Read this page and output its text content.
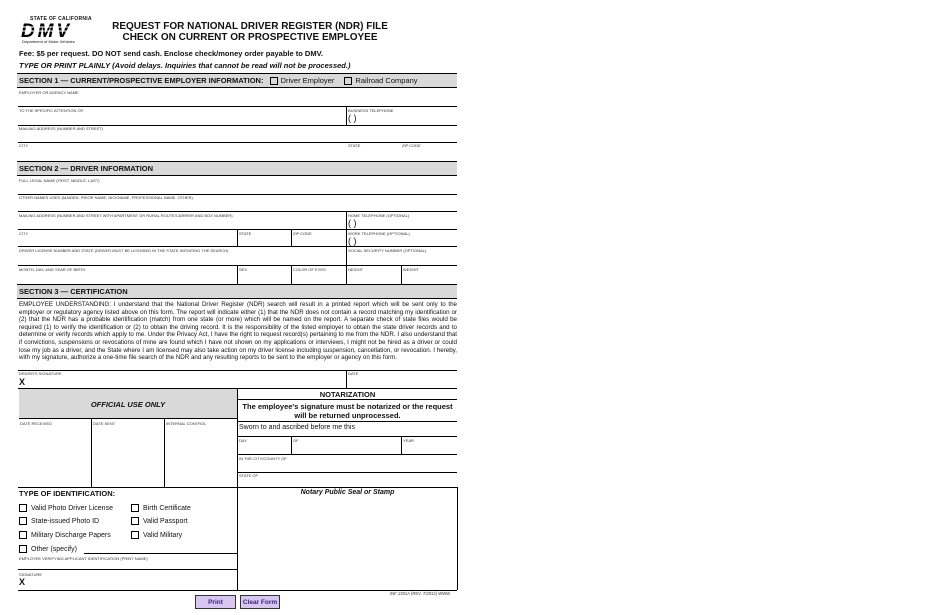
STATE OF CALIFORNIA
DMV
Department of Motor Vehicles
REQUEST FOR NATIONAL DRIVER REGISTER (NDR) FILE
CHECK ON CURRENT OR PROSPECTIVE EMPLOYEE
Fee: $5 per request. DO NOT send cash. Enclose check/money order payable to DMV.
TYPE OR PRINT PLAINLY (Avoid delays. Inquiries that cannot be read will not be processed.)
SECTION 1 — CURRENT/PROSPECTIVE EMPLOYER INFORMATION: Driver Employer	Railroad Company
EMPLOYER OR AGENCY NAME
TO THE SPECIFIC ATTENTION OF:	BUSINESS TELEPHONE
( )
MAILING ADDRESS (NUMBER AND STREET)
CITY	STATE	ZIP CODE
SECTION 2 — DRIVER INFORMATION
FULL LEGAL NAME (FIRST, MIDDLE, LAST)
OTHER NAMES USED (MAIDEN, PRIOR NAME, NICKNAME, PROFESSIONAL NAME, OTHER)
MAILING ADDRESS (NUMBER AND STREET WITH APARTMENT OR RURAL ROUTE/CARRIER AND BOX NUMBER)	HOME TELEPHONE (OPTIONAL)
( )
CITY	STATE	ZIP CODE	WORK TELEPHONE (OPTIONAL)
( )
DRIVER LICENSE NUMBER AND STATE (DRIVER MUST BE LICENSED IN THE STATE INITIATING THE SEARCH)	SOCIAL SECURITY NUMBER (OPTIONAL)
MONTH, DAY, AND YEAR OF BIRTH	SEX	COLOR OF EYES	HEIGHT	WEIGHT
SECTION 3 — CERTIFICATION
EMPLOYEE UNDERSTANDING: I understand that the National Driver Register (NDR) search will result in a printed report which will be sent only to the employer or regulatory agency listed above on this form. The report will indicate either (1) that the NDR does not contain a record matching my identification or (2) that the NDR has a probable identification (match) from one state (or more) which will be named on the report. A separate check of state files would be required (1) to verify the identification or (2) to obtain the driving record. It is the responsibility of the listed employer to obtain the state driver records and to determine or verify records which apply to me. Under the Privacy Act, I have the right to request record(s) pertaining to me from the NDR. I also understand that if convictions, suspensions or revocations of mine are found which I have not shown on my applications or interviews, I might not be hired as a driver or could lose my job as a driver, and the State where I am licensed may also take action on my driver license including suspension, cancellation, or revocation. I hereby, with my signature, authorize a one-time file search of the NDR and any resulting reports to be sent to the employer or agency on this form.
DRIVER'S SIGNATURE
X
DATE
OFFICIAL USE ONLY
DATE RECEIVED	DATE SENT	INTERNAL CONTROL
NOTARIZATION
The employee's signature must be notarized or the request will be returned unprocessed.
Sworn to and ascribed before me this
DAY	OF	YEAR
IN THE CITY/COUNTY OF
STATE OF
Notary Public Seal or Stamp
TYPE OF IDENTIFICATION:
Valid Photo Driver License	Birth Certificate
State-issued Photo ID	Valid Passport
Military Discharge Papers	Valid Military
Other (specify)
EMPLOYEE VERIFYING APPLICANT IDENTIFICATION (PRINT NAME)
SIGNATURE
X
INF 1301A (REV. 7/2012) WWW
Print	Clear Form
